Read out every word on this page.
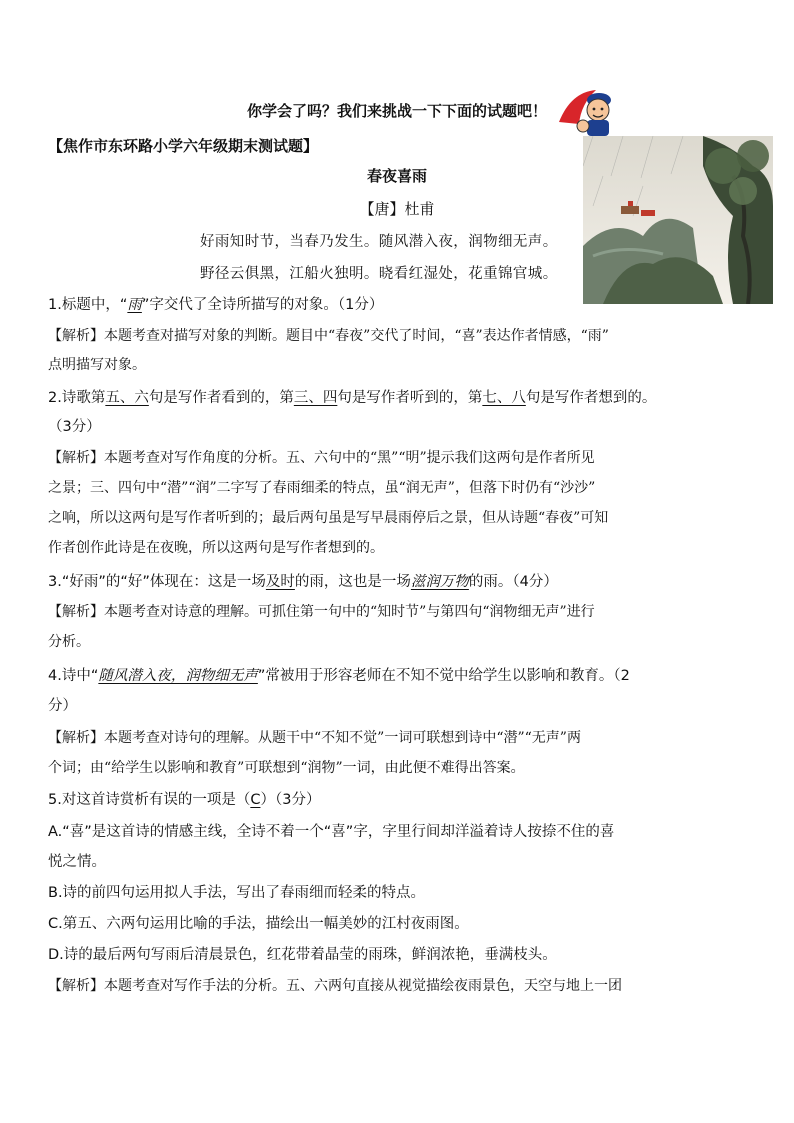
你学会了吗？我们来挑战一下下面的试题吧！
【焦作市东环路小学六年级期末测试题】
春夜喜雨
【唐】杜甫
好雨知时节，当春乃发生。随风潜入夜，润物细无声。
野径云俱黑，江船火独明。晓看红湿处，花重锦官城。
1.标题中，“雨”字交代了全诗所描写的对象。（1分）
【解析】本题考查对描写对象的判断。题目中“春夜”交代了时间，“喜”表达作者情感，“雨”
点明描写对象。
2.诗歌第五、六句是写作者看到的，第三、四句是写作者听到的，第七、八句是写作者想到的。
（3分）
【解析】本题考查对写作角度的分析。五、六句中的“黑”“明”提示我们这两句是作者所见
之景；三、四句中“潜”“润”二字写了春雨细柔的特点，虽“润无声”，但落下时仍有“沙沙”
之响，所以这两句是写作者听到的；最后两句虽是写早晨雨停后之景，但从诗题“春夜”可知
作者创作此诗是在夜晚，所以这两句是写作者想到的。
3.“好雨”的“好”体现在：这是一场及时的雨，这也是一场滋润万物的雨。（4分）
【解析】本题考查对诗意的理解。可抓住第一句中的“知时节”与第四句“润物细无声”进行
分析。
4.诗中“随风潜入夜，润物细无声”常被用于形容老师在不知不觉中给学生以影响和教育。（2
分）
【解析】本题考查对诗句的理解。从题干中“不知不觉”一词可联想到诗中“潜”“无声”两
个词；由“给学生以影响和教育”可联想到“润物”一词，由此便不难得出答案。
5.对这首诗赏析有误的一项是（C）（3分）
A.“喜”是这首诗的情感主线，全诗不着一个“喜”字，字里行间却洋溢着诗人按捺不住的喜
悦之情。
B.诗的前四句运用拟人手法，写出了春雨细而轻柔的特点。
C.第五、六两句运用比喻的手法，描绘出一幅美妙的江村夜雨图。
D.诗的最后两句写雨后清晨景色，红花带着晶莹的雨珠，鲜润浓艳，垂满枝头。
【解析】本题考查对写作手法的分析。五、六两句直接从视觉描绘夜雨景色，天空与地上一团
